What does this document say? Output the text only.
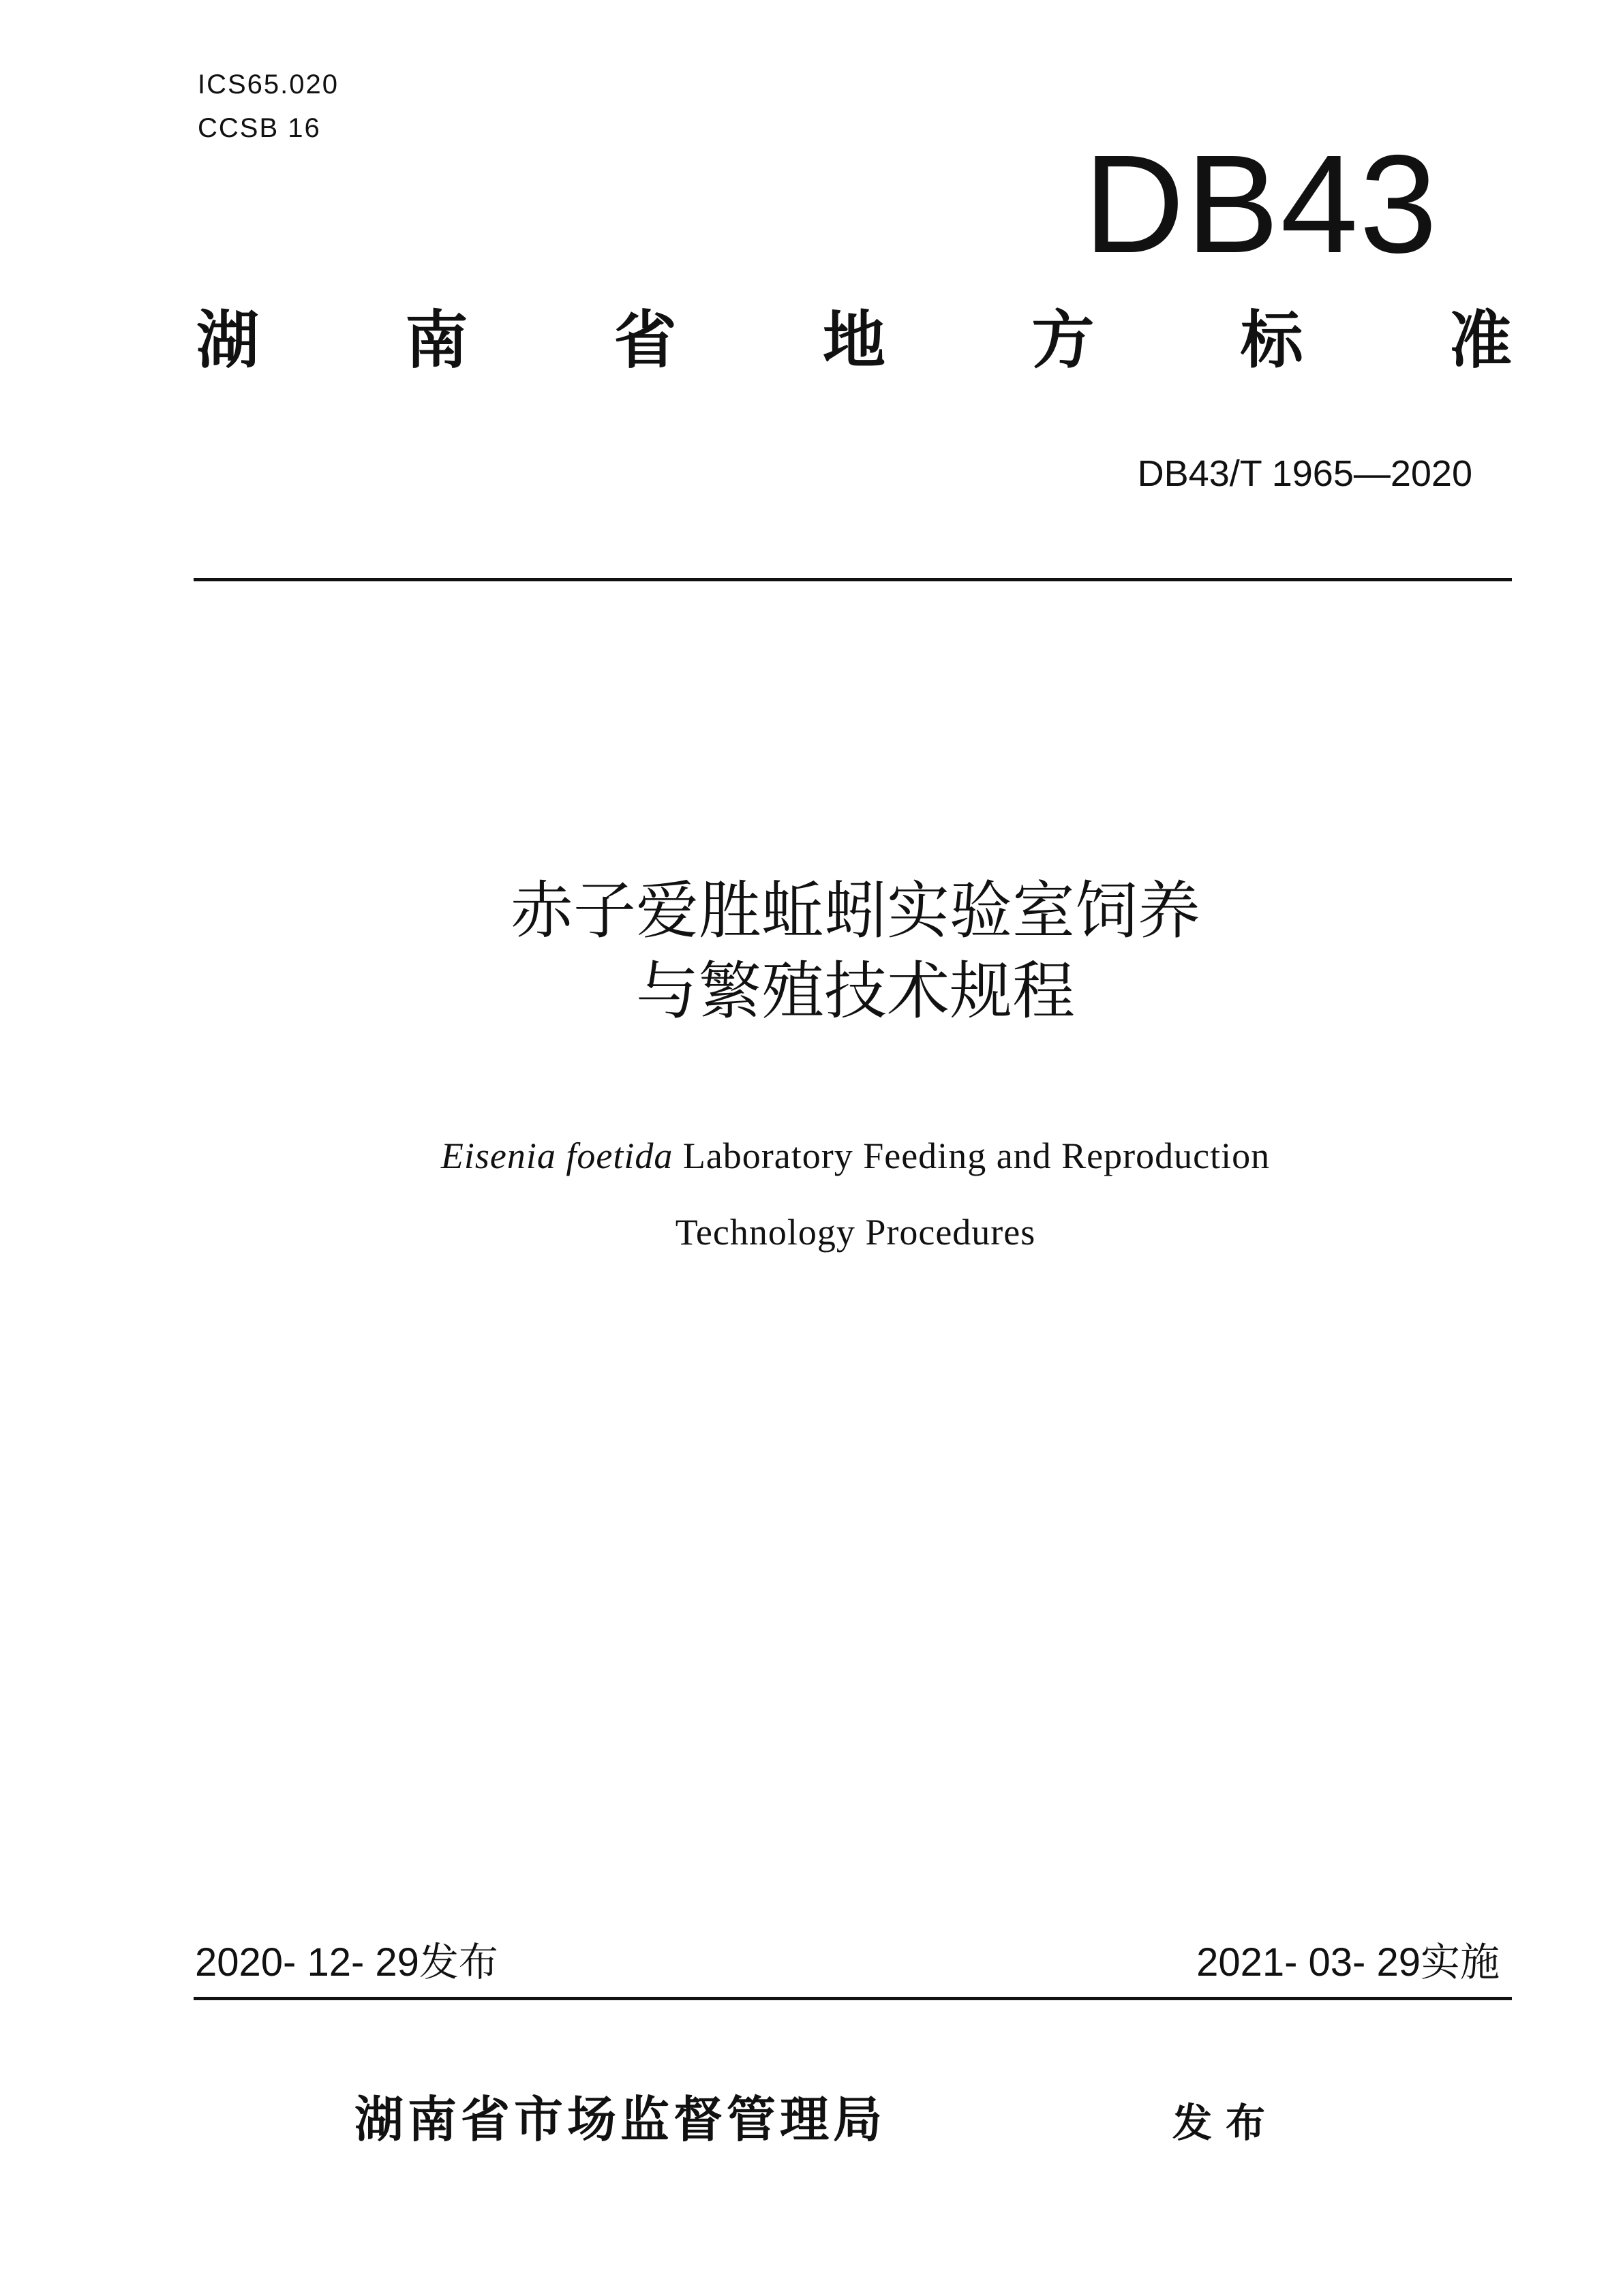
ICS65.020
CCSB 16	DB43
湖 南 省 地 方 标 准
DB43/T 1965—2020
赤子爱胜蚯蚓实验室饲养
与繁殖技术规程
Eisenia foetida Laboratory Feeding and Reproduction
Technology Procedures
2020- 12- 29发布	2021- 03- 29实施
湖南省市场监督管理局	发布
